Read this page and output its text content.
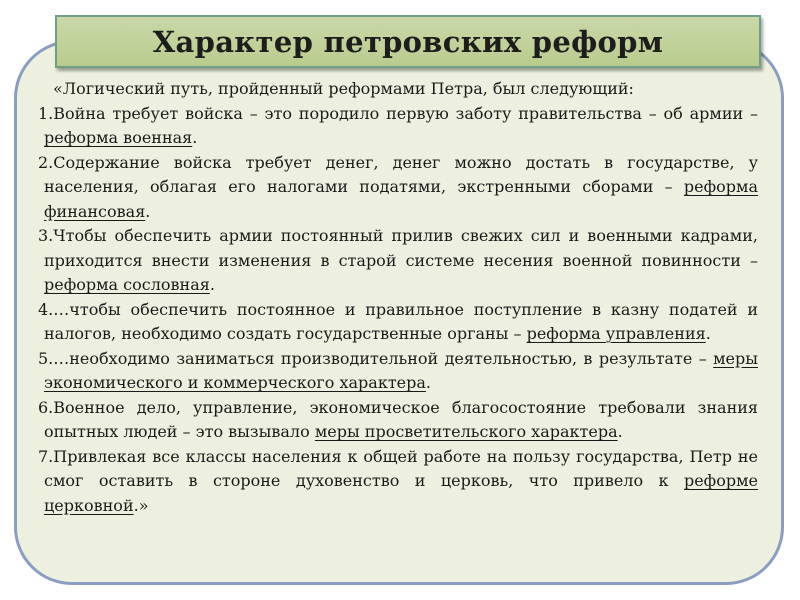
Характер петровских реформ

«Логический путь, пройденный реформами Петра, был следующий:

1.Война требует войска – это породило первую заботу правительства – об армии – реформа военная.

2.Содержание войска требует денег, денег можно достать в государстве, у населения, облагая его налогами податями, экстренными сборами – реформа финансовая.

3.Чтобы обеспечить армии постоянный прилив свежих сил и военными кадрами, приходится внести изменения в старой системе несения военной повинности – реформа сословная.

4.…чтобы обеспечить постоянное и правильное поступление в казну податей и налогов, необходимо создать государственные органы – реформа управления.

5.…необходимо заниматься производительной деятельностью, в результате – меры экономического и коммерческого характера.

6.Военное дело, управление, экономическое благосостояние требовали знания опытных людей – это вызывало меры просветительского характера.

7.Привлекая все классы населения к общей работе на пользу государства, Петр не смог оставить в стороне духовенство и церковь, что привело к реформе церковной.»
